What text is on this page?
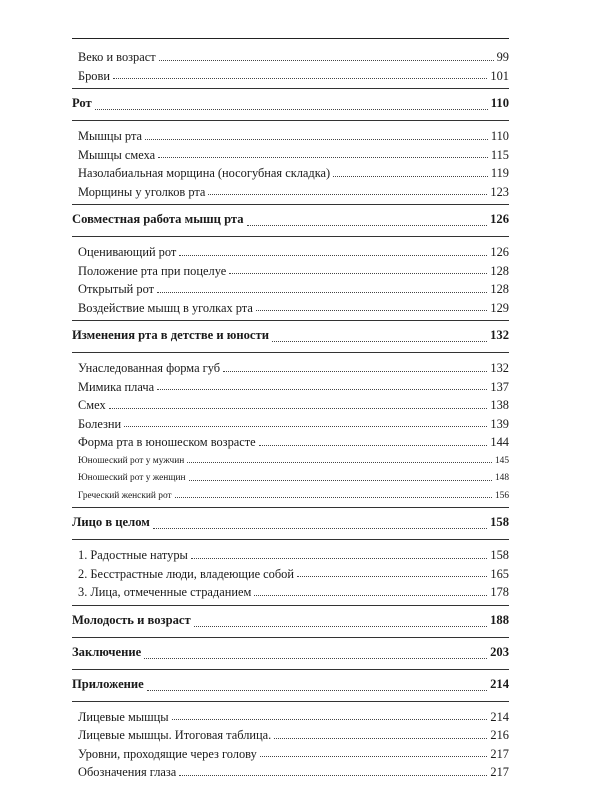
Веко и возраст	99
Брови	101
Рот	110
Мышцы рта	110
Мышцы смеха	115
Назолабиальная морщина (носогубная складка)	119
Морщины у уголков рта	123
Совместная работа мышц рта	126
Оценивающий рот	126
Положение рта при поцелуе	128
Открытый рот	128
Воздействие мышц в уголках рта	129
Изменения рта в детстве и юности	132
Унаследованная форма губ	132
Мимика плача	137
Смех	138
Болезни	139
Форма рта в юношеском возрасте	144
Юношеский рот у мужчин	145
Юношеский рот у женщин	148
Греческий женский рот	156
Лицо в целом	158
1. Радостные натуры	158
2. Бесстрастные люди, владеющие собой	165
3. Лица, отмеченные страданием	178
Молодость и возраст	188
Заключение	203
Приложение	214
Лицевые мышцы	214
Лицевые мышцы. Итоговая таблица.	216
Уровни, проходящие через голову	217
Обозначения глаза	217
